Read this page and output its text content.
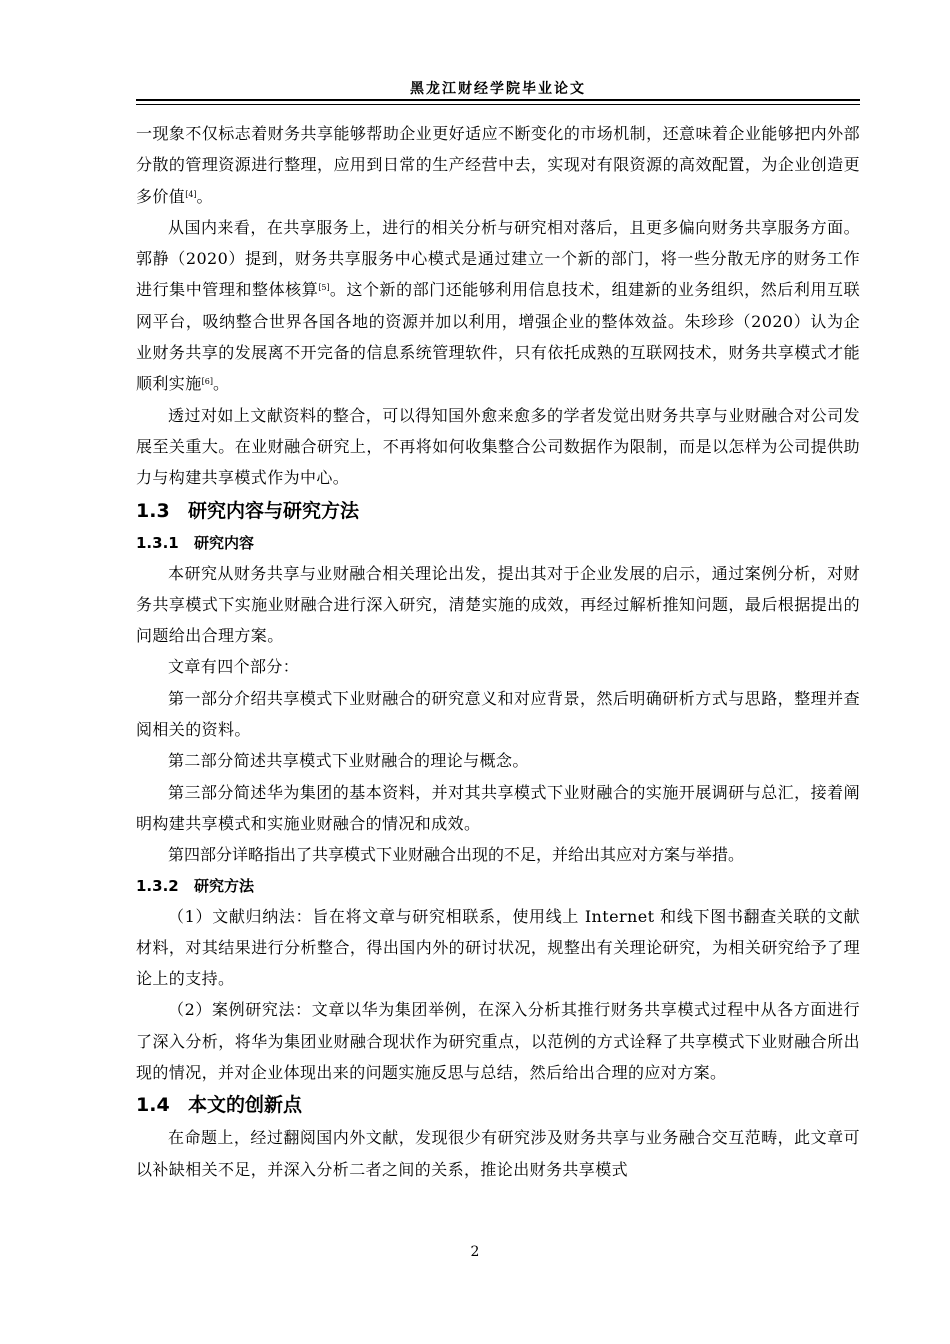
黑龙江财经学院毕业论文

一现象不仅标志着财务共享能够帮助企业更好适应不断变化的市场机制，还意味着企业能够把内外部分散的管理资源进行整理，应用到日常的生产经营中去，实现对有限资源的高效配置，为企业创造更多价值[4]。

从国内来看，在共享服务上，进行的相关分析与研究相对落后，且更多偏向财务共享服务方面。郭静（2020）提到，财务共享服务中心模式是通过建立一个新的部门，将一些分散无序的财务工作进行集中管理和整体核算[5]。这个新的部门还能够利用信息技术，组建新的业务组织，然后利用互联网平台，吸纳整合世界各国各地的资源并加以利用，增强企业的整体效益。朱珍珍（2020）认为企业财务共享的发展离不开完备的信息系统管理软件，只有依托成熟的互联网技术，财务共享模式才能顺利实施[6]。

透过对如上文献资料的整合，可以得知国外愈来愈多的学者发觉出财务共享与业财融合对公司发展至关重大。在业财融合研究上，不再将如何收集整合公司数据作为限制，而是以怎样为公司提供助力与构建共享模式作为中心。

1.3 研究内容与研究方法
1.3.1 研究内容

本研究从财务共享与业财融合相关理论出发，提出其对于企业发展的启示，通过案例分析，对财务共享模式下实施业财融合进行深入研究，清楚实施的成效，再经过解析推知问题，最后根据提出的问题给出合理方案。

文章有四个部分：

第一部分介绍共享模式下业财融合的研究意义和对应背景，然后明确研析方式与思路，整理并查阅相关的资料。

第二部分简述共享模式下业财融合的理论与概念。

第三部分简述华为集团的基本资料，并对其共享模式下业财融合的实施开展调研与总汇，接着阐明构建共享模式和实施业财融合的情况和成效。

第四部分详略指出了共享模式下业财融合出现的不足，并给出其应对方案与举措。

1.3.2 研究方法

（1）文献归纳法：旨在将文章与研究相联系，使用线上 Internet 和线下图书翻查关联的文献材料，对其结果进行分析整合，得出国内外的研讨状况，规整出有关理论研究，为相关研究给予了理论上的支持。

（2）案例研究法：文章以华为集团举例，在深入分析其推行财务共享模式过程中从各方面进行了深入分析，将华为集团业财融合现状作为研究重点，以范例的方式诠释了共享模式下业财融合所出现的情况，并对企业体现出来的问题实施反思与总结，然后给出合理的应对方案。

1.4 本文的创新点

在命题上，经过翻阅国内外文献，发现很少有研究涉及财务共享与业务融合交互范畴，此文章可以补缺相关不足，并深入分析二者之间的关系，推论出财务共享模式

2
